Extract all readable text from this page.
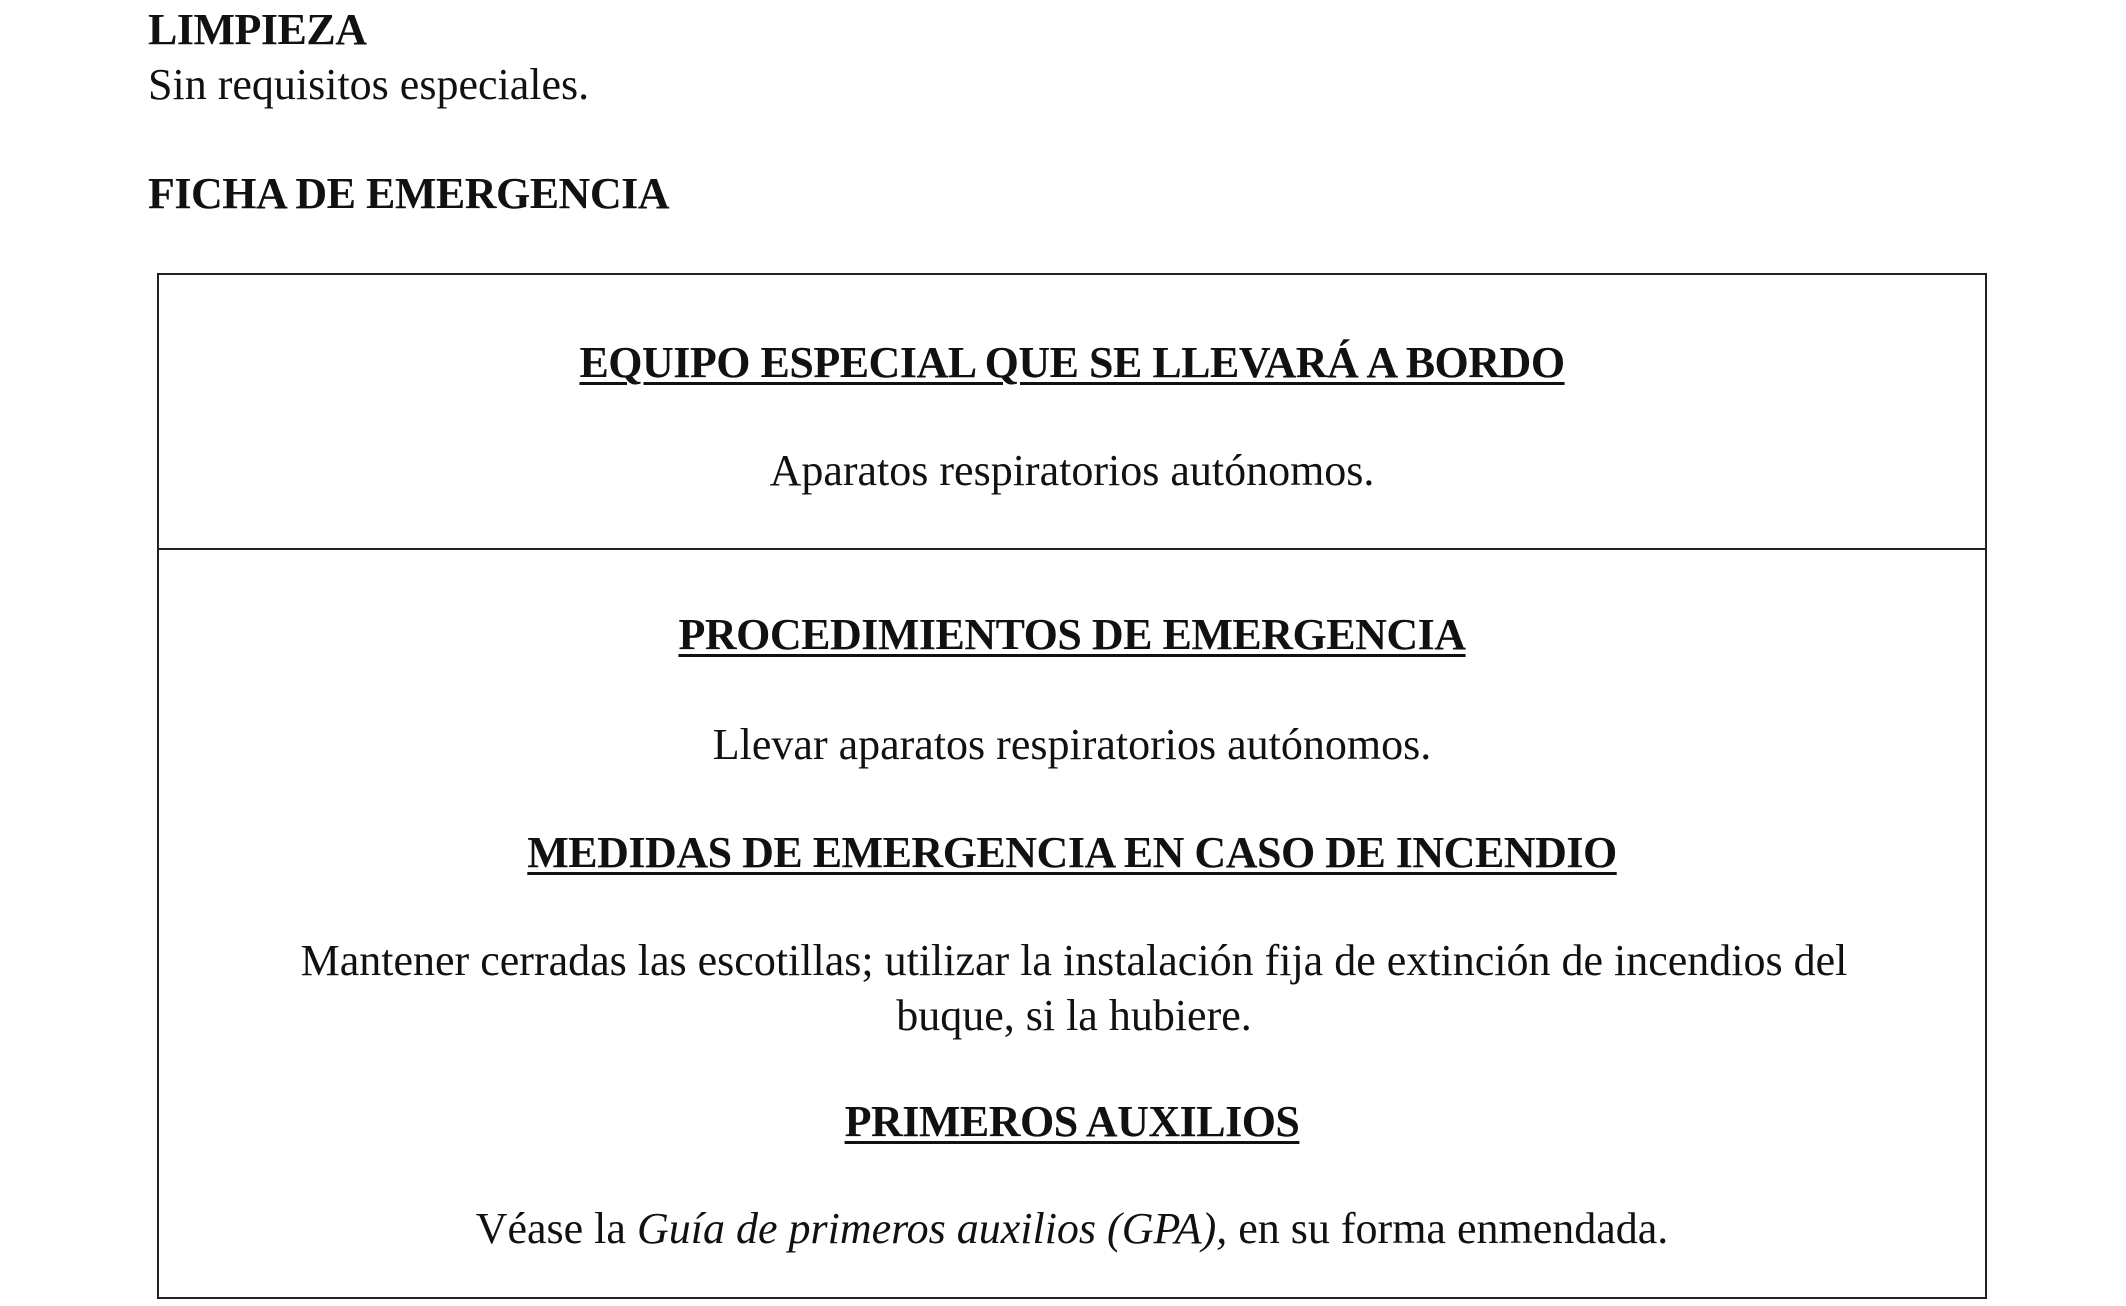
LIMPIEZA
Sin requisitos especiales.
FICHA DE EMERGENCIA
EQUIPO ESPECIAL QUE SE LLEVARÁ A BORDO
Aparatos respiratorios autónomos.
PROCEDIMIENTOS DE EMERGENCIA
Llevar aparatos respiratorios autónomos.
MEDIDAS DE EMERGENCIA EN CASO DE INCENDIO
Mantener cerradas las escotillas; utilizar la instalación fija de extinción de incendios del buque, si la hubiere.
PRIMEROS AUXILIOS
Véase la Guía de primeros auxilios (GPA), en su forma enmendada.
